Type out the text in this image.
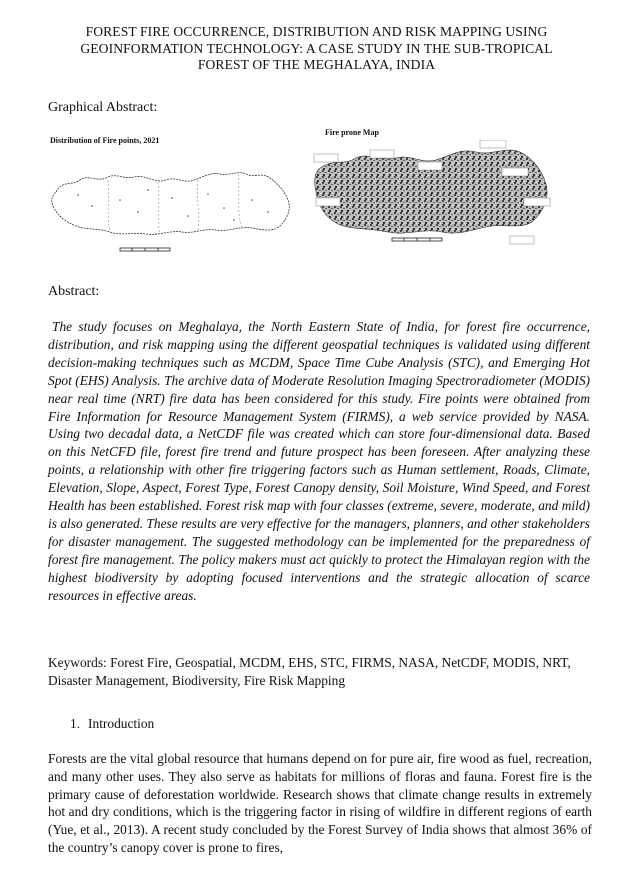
FOREST FIRE OCCURRENCE, DISTRIBUTION AND RISK MAPPING USING
GEOINFORMATION TECHNOLOGY: A CASE STUDY IN THE SUB-TROPICAL
FOREST OF THE MEGHALAYA, INDIA
Graphical Abstract:
Distribution of Fire points, 2021
Fire prone Map
Abstract:
The study focuses on Meghalaya, the North Eastern State of India, for forest fire occurrence, distribution, and risk mapping using the different geospatial techniques is validated using different decision-making techniques such as MCDM, Space Time Cube Analysis (STC), and Emerging Hot Spot (EHS) Analysis. The archive data of Moderate Resolution Imaging Spectroradiometer (MODIS) near real time (NRT) fire data has been considered for this study. Fire points were obtained from Fire Information for Resource Management System (FIRMS), a web service provided by NASA. Using two decadal data, a NetCDF file was created which can store four-dimensional data. Based on this NetCFD file, forest fire trend and future prospect has been foreseen. After analyzing these points, a relationship with other fire triggering factors such as Human settlement, Roads, Climate, Elevation, Slope, Aspect, Forest Type, Forest Canopy density, Soil Moisture, Wind Speed, and Forest Health has been established. Forest risk map with four classes (extreme, severe, moderate, and mild) is also generated. These results are very effective for the managers, planners, and other stakeholders for disaster management. The suggested methodology can be implemented for the preparedness of forest fire management. The policy makers must act quickly to protect the Himalayan region with the highest biodiversity by adopting focused interventions and the strategic allocation of scarce resources in effective areas.
Keywords: Forest Fire, Geospatial, MCDM, EHS, STC, FIRMS, NASA, NetCDF, MODIS, NRT, Disaster Management, Biodiversity, Fire Risk Mapping
1. Introduction
Forests are the vital global resource that humans depend on for pure air, fire wood as fuel, recreation, and many other uses. They also serve as habitats for millions of floras and fauna. Forest fire is the primary cause of deforestation worldwide. Research shows that climate change results in extremely hot and dry conditions, which is the triggering factor in rising of wildfire in different regions of earth (Yue, et al., 2013). A recent study concluded by the Forest Survey of India shows that almost 36% of the country’s canopy cover is prone to fires,
